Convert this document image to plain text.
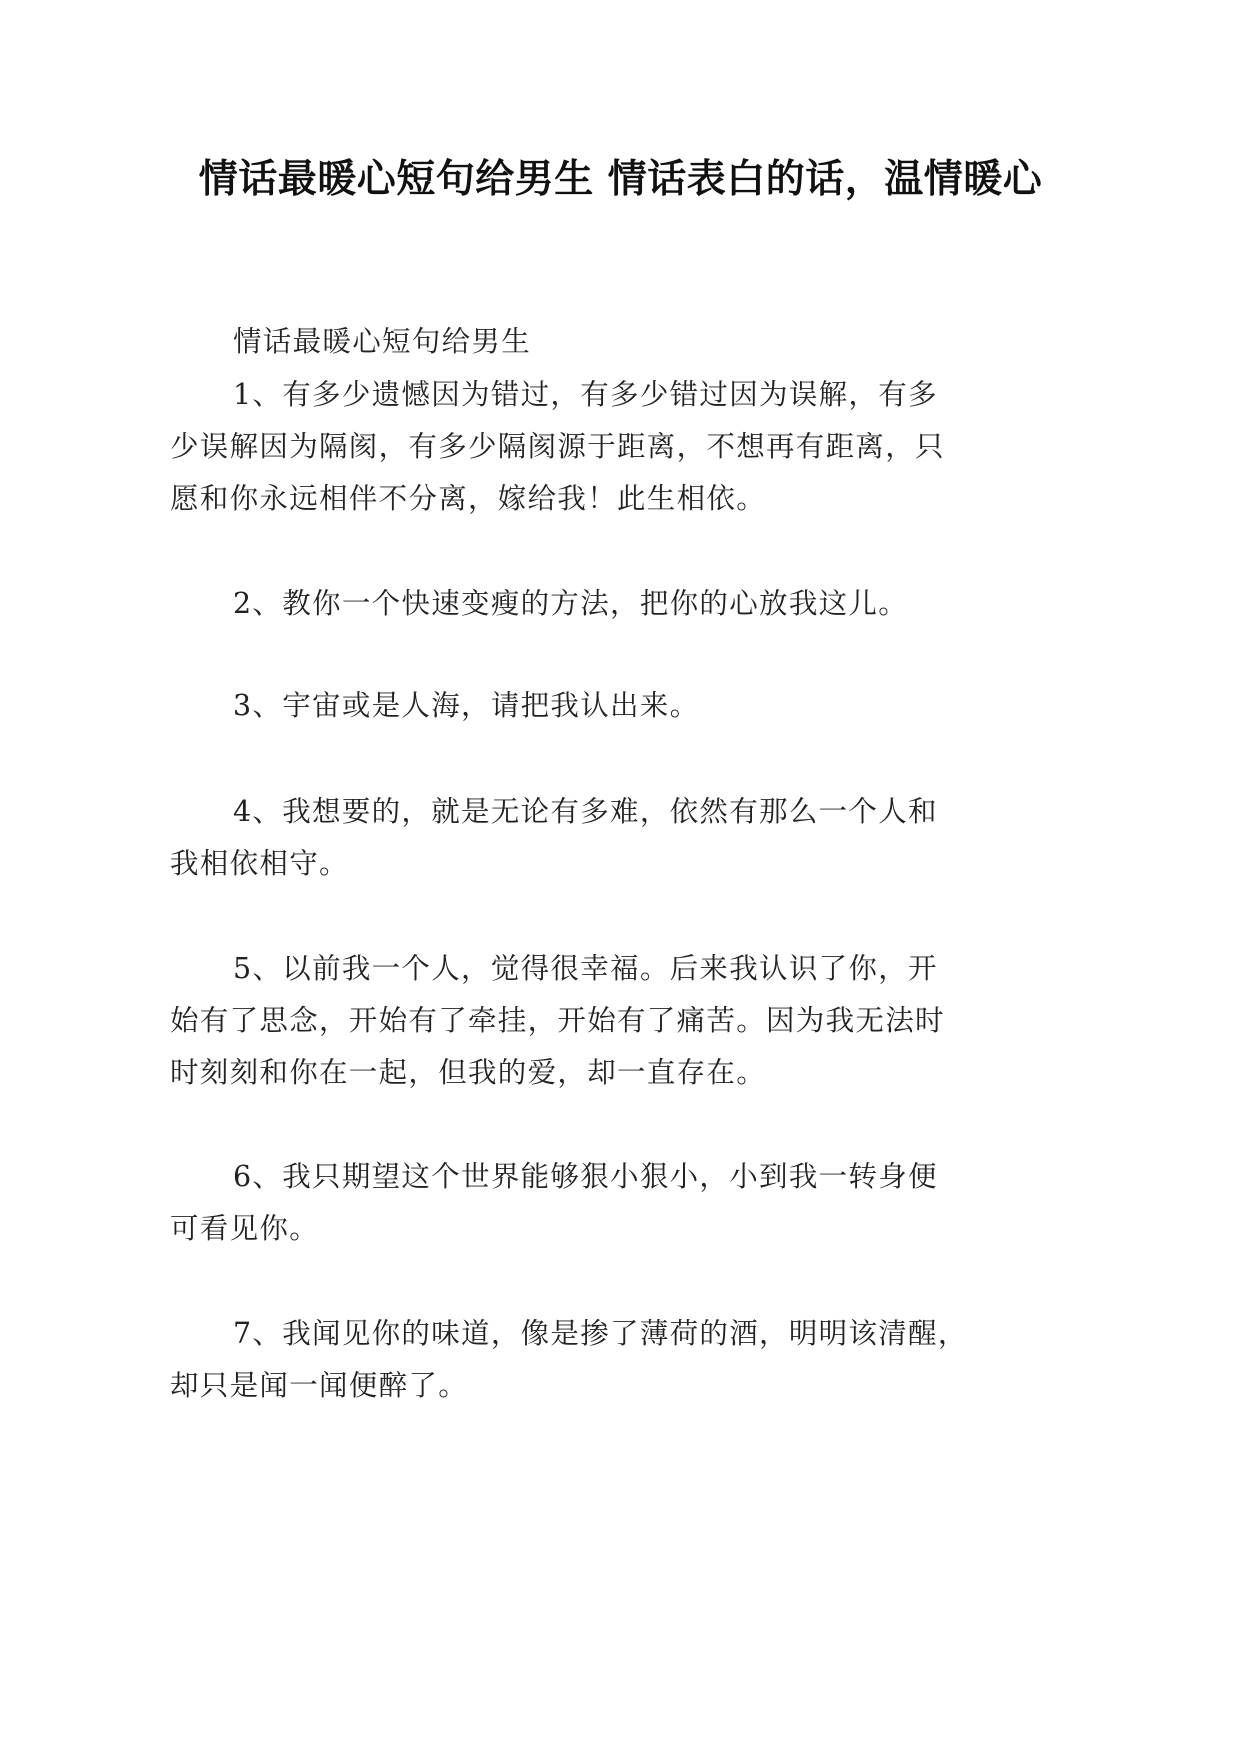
情话最暖心短句给男生 情话表白的话，温情暖心

情话最暖心短句给男生

1、有多少遗憾因为错过，有多少错过因为误解，有多

少误解因为隔阂，有多少隔阂源于距离，不想再有距离，只

愿和你永远相伴不分离，嫁给我！此生相依。

2、教你一个快速变瘦的方法，把你的心放我这儿。

3、宇宙或是人海，请把我认出来。

4、我想要的，就是无论有多难，依然有那么一个人和

我相依相守。

5、以前我一个人，觉得很幸福。后来我认识了你，开

始有了思念，开始有了牵挂，开始有了痛苦。因为我无法时

时刻刻和你在一起，但我的爱，却一直存在。

6、我只期望这个世界能够狠小狠小，小到我一转身便

可看见你。

7、我闻见你的味道，像是掺了薄荷的酒，明明该清醒，

却只是闻一闻便醉了。
